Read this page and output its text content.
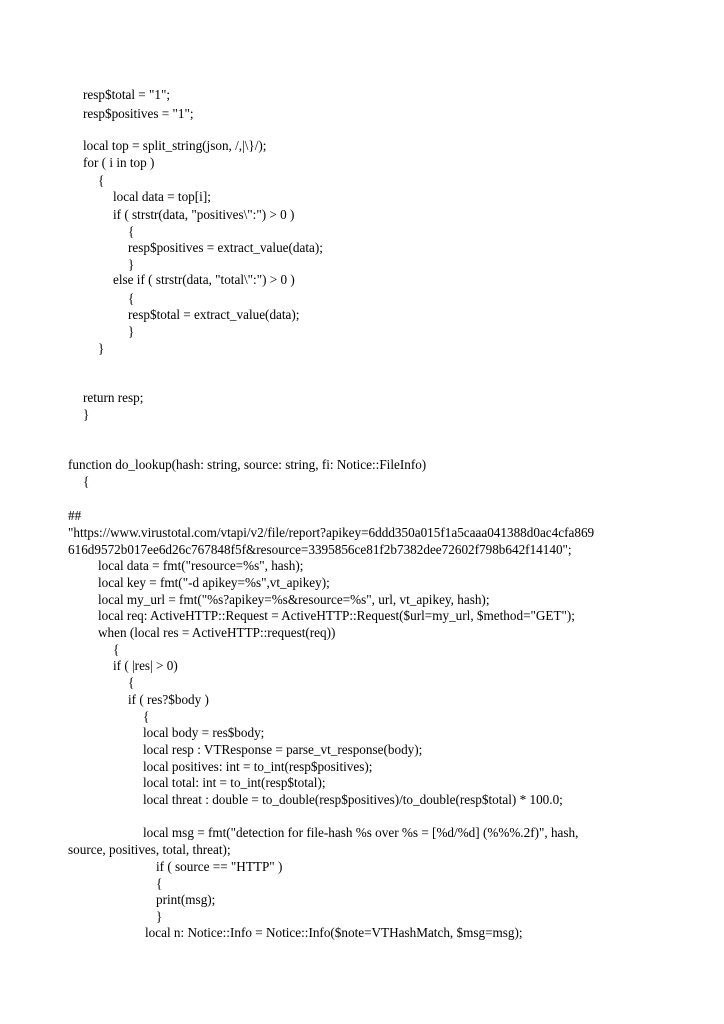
resp$total = "1";
resp$positives = "1";
local top = split_string(json, /,|\}/);
for ( i in top )
{
local data = top[i];
if ( strstr(data, "positives\":") > 0 )
{
resp$positives = extract_value(data);
}
else if ( strstr(data, "total\":") > 0 )
{
resp$total = extract_value(data);
}
}
return resp;
}
function do_lookup(hash: string, source: string, fi: Notice::FileInfo)
{
##
"https://www.virustotal.com/vtapi/v2/file/report?apikey=6ddd350a015f1a5caaa041388d0ac4cfa869
616d9572b017ee6d26c767848f5f&resource=3395856ce81f2b7382dee72602f798b642f14140";
local data = fmt("resource=%s", hash);
local key = fmt("-d apikey=%s",vt_apikey);
local my_url = fmt("%s?apikey=%s&resource=%s", url, vt_apikey, hash);
local req: ActiveHTTP::Request = ActiveHTTP::Request($url=my_url, $method="GET");
when (local res = ActiveHTTP::request(req))
{
if ( |res| > 0)
{
if ( res?$body )
{
local body = res$body;
local resp : VTResponse = parse_vt_response(body);
local positives: int = to_int(resp$positives);
local total: int = to_int(resp$total);
local threat : double = to_double(resp$positives)/to_double(resp$total) * 100.0;
local msg = fmt("detection for file-hash %s over %s = [%d/%d] (%%%.2f)", hash,
source, positives, total, threat);
if ( source == "HTTP" )
{
print(msg);
}
local n: Notice::Info = Notice::Info($note=VTHashMatch, $msg=msg);
